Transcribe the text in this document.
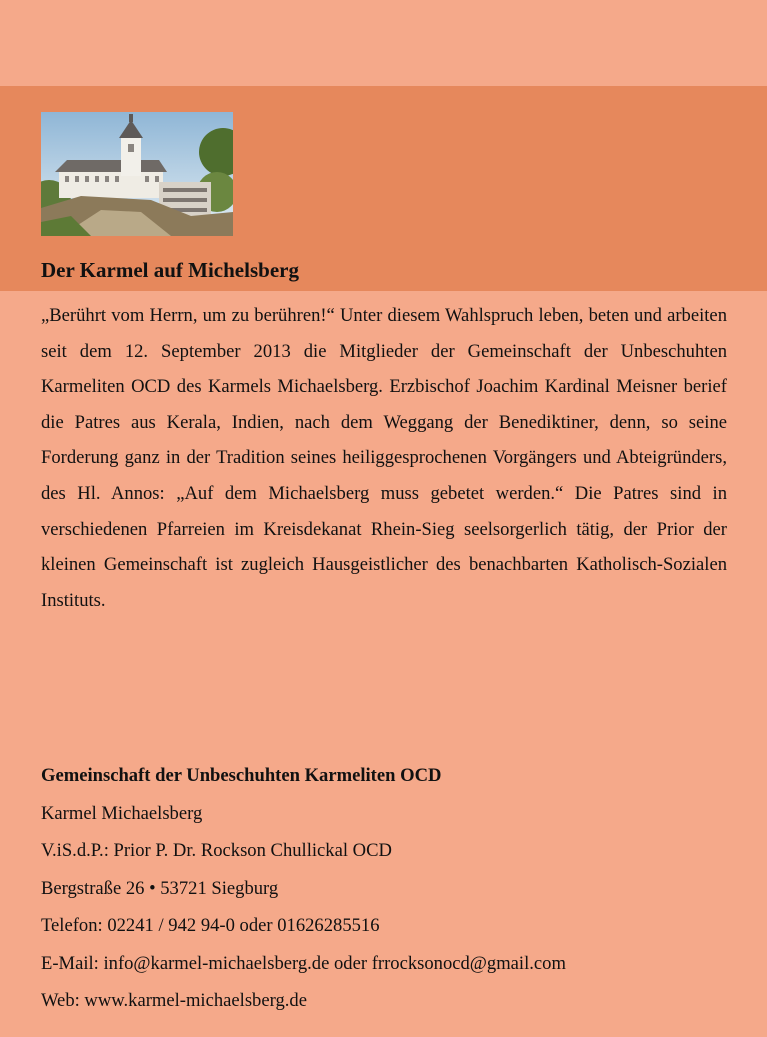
Der Karmel auf Michelsberg

„Berührt vom Herrn, um zu berühren!“ Unter diesem Wahlspruch leben, beten und arbeiten seit dem 12. September 2013 die Mitglieder der Gemeinschaft der Unbeschuhten Karmeliten OCD des Karmels Michaelsberg. Erzbischof Joachim Kardinal Meisner berief die Patres aus Kerala, Indien, nach dem Weggang der Benediktiner, denn, so seine Forderung ganz in der Tradition seines heiliggesprochenen Vorgängers und Abteigründers, des Hl. Annos: „Auf dem Michaelsberg muss gebetet werden.“ Die Patres sind in verschiedenen Pfarreien im Kreisdekanat Rhein-Sieg seelsorgerlich tätig, der Prior der kleinen Gemeinschaft ist zugleich Hausgeistlicher des benachbarten Katholisch-Sozialen Instituts.

Gemeinschaft der Unbeschuhten Karmeliten OCD
Karmel Michaelsberg
V.iS.d.P.: Prior P. Dr. Rockson Chullickal OCD
Bergstraße 26 • 53721 Siegburg
Telefon: 02241 / 942 94-0 oder 01626285516
E-Mail: info@karmel-michaelsberg.de oder frrocksonocd@gmail.com
Web: www.karmel-michaelsberg.de
